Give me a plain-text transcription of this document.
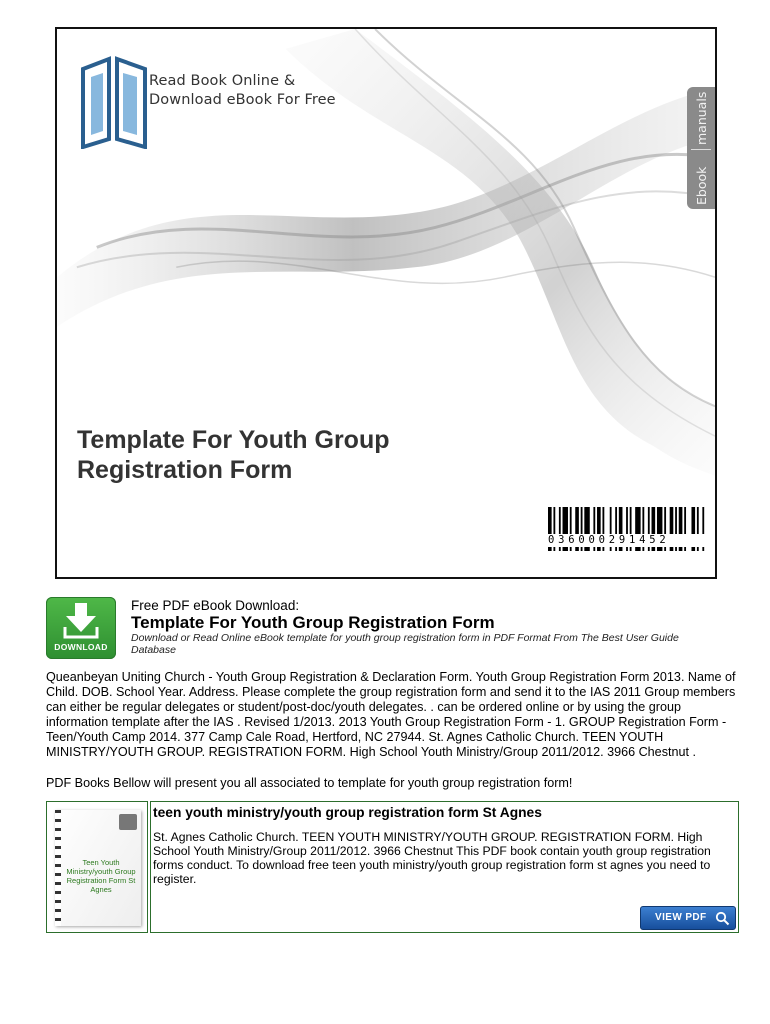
Read Book Online &
Download eBook For Free	manuals
Ebook
Template For Youth Group Registration Form
036000291452
DOWNLOAD
Free PDF eBook Download:
Template For Youth Group Registration Form
Download or Read Online eBook template for youth group registration form in PDF Format From The Best User Guide Database

Queanbeyan Uniting Church - Youth Group Registration & Declaration Form. Youth Group Registration Form 2013. Name of Child. DOB. School Year. Address. Please complete the group registration form and send it to the IAS 2011 Group members can either be regular delegates or student/post-doc/youth delegates. . can be ordered online or by using the group information template after the IAS . Revised 1/2013. 2013 Youth Group Registration Form - 1. GROUP Registration Form - Teen/Youth Camp 2014. 377 Camp Cale Road, Hertford, NC 27944. St. Agnes Catholic Church. TEEN YOUTH MINISTRY/YOUTH GROUP. REGISTRATION FORM. High School Youth Ministry/Group 2011/2012. 3966 Chestnut .

PDF Books Bellow will present you all associated to template for youth group registration form!

Teen Youth Ministry/youth Group Registration Form St Agnes
teen youth ministry/youth group registration form St Agnes

St. Agnes Catholic Church. TEEN YOUTH MINISTRY/YOUTH GROUP. REGISTRATION FORM. High School Youth Ministry/Group 2011/2012. 3966 Chestnut This PDF book contain youth group registration forms conduct. To download free teen youth ministry/youth group registration form st agnes you need to register.

VIEW PDF
